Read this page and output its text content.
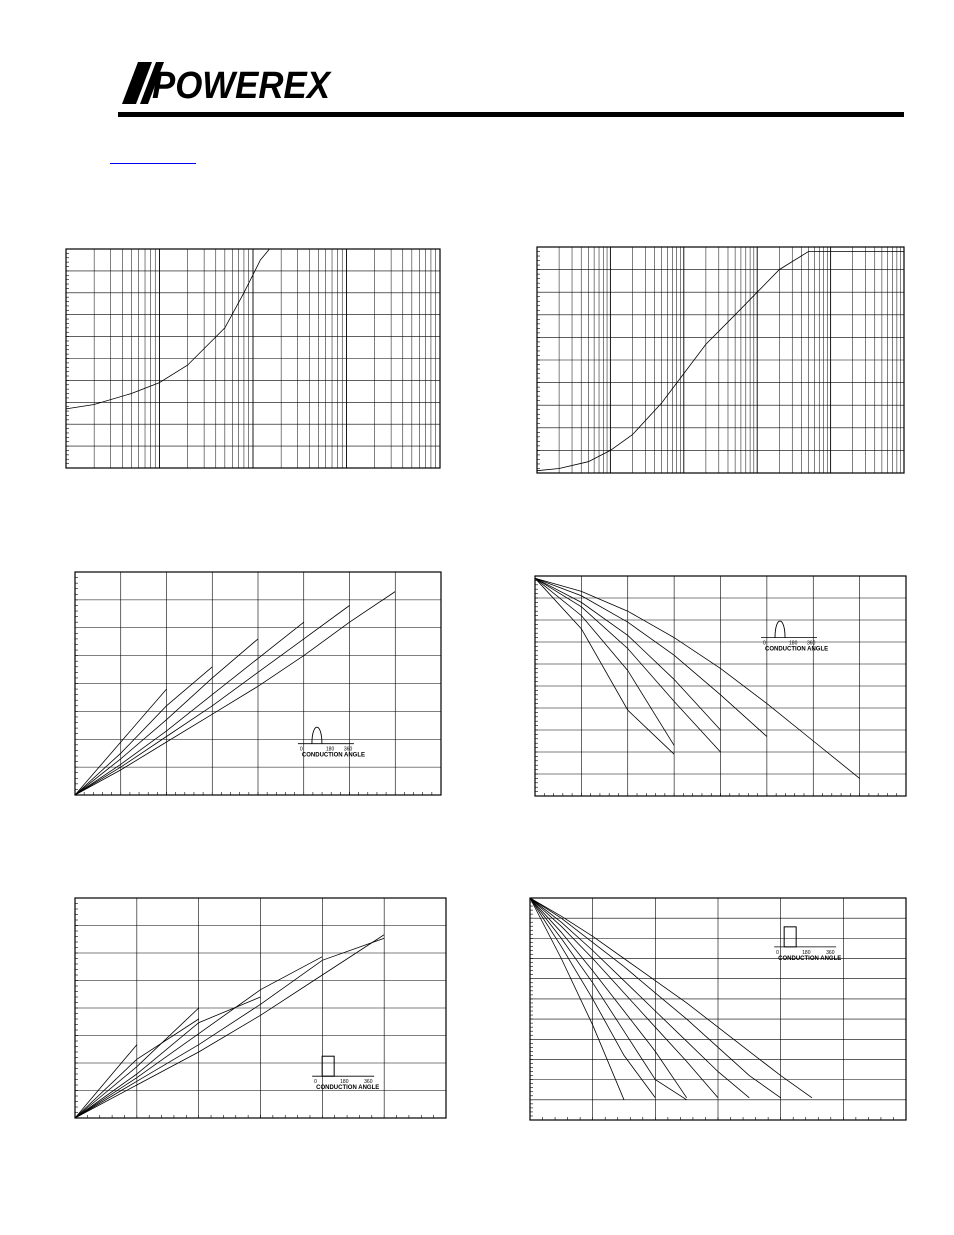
POWEREX
0	180 360
CONDUCTION ANGLE
0	180 360
CONDUCTION ANGLE
0	180	360
CONDUCTION ANGLE
0	180	360
CONDUCTION ANGLE
